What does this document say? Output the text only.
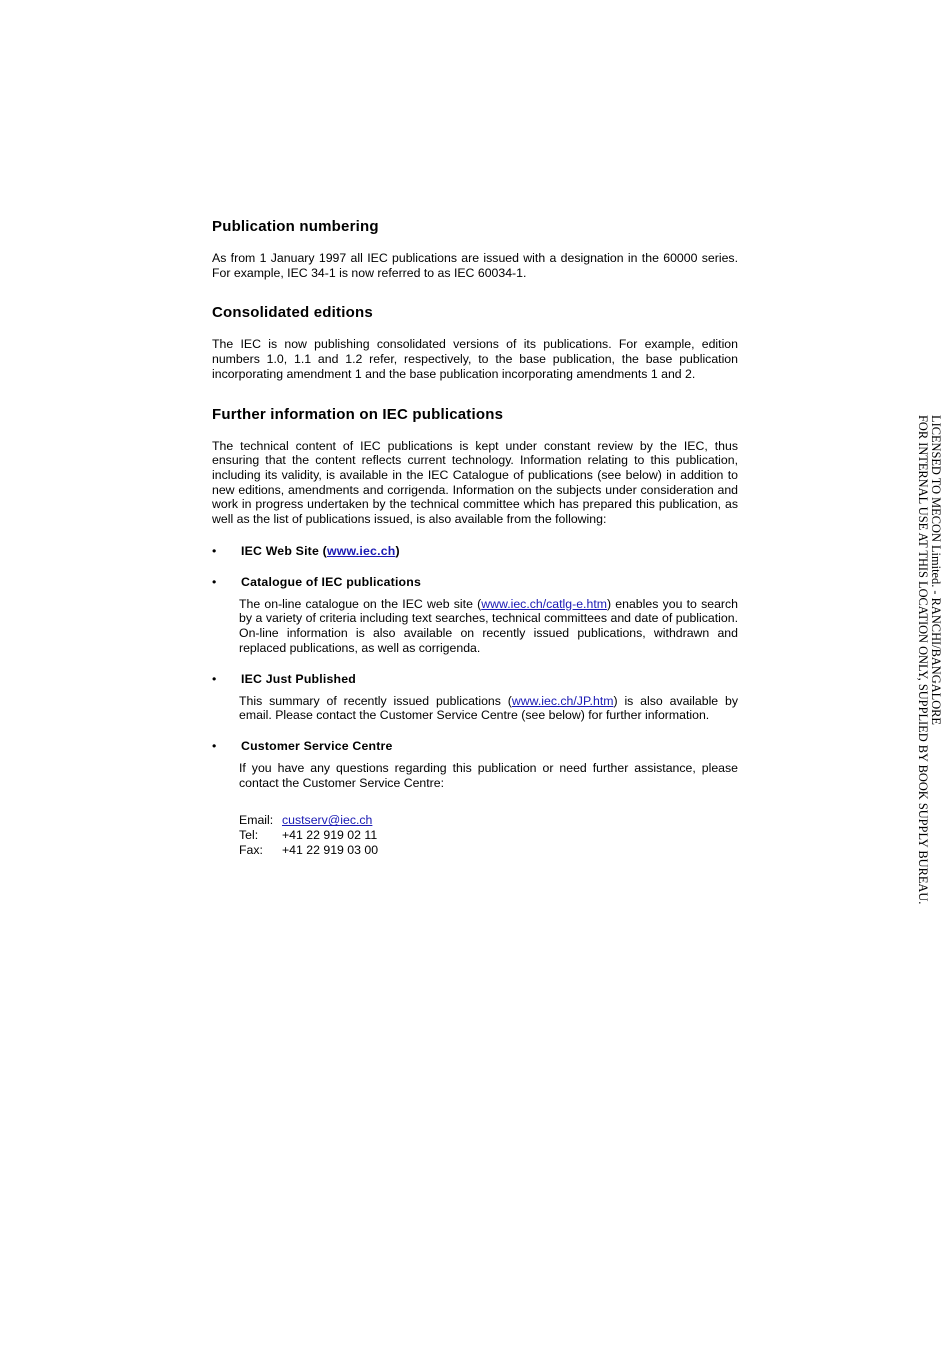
Publication numbering

As from 1 January 1997 all IEC publications are issued with a designation in the 60000 series. For example, IEC 34-1 is now referred to as IEC 60034-1.

Consolidated editions

The IEC is now publishing consolidated versions of its publications. For example, edition numbers 1.0, 1.1 and 1.2 refer, respectively, to the base publication, the base publication incorporating amendment 1 and the base publication incorporating amendments 1 and 2.

Further information on IEC publications

The technical content of IEC publications is kept under constant review by the IEC, thus ensuring that the content reflects current technology. Information relating to this publication, including its validity, is available in the IEC Catalogue of publications (see below) in addition to new editions, amendments and corrigenda. Information on the subjects under consideration and work in progress undertaken by the technical committee which has prepared this publication, as well as the list of publications issued, is also available from the following:

• IEC Web Site (www.iec.ch)
• Catalogue of IEC publications

The on-line catalogue on the IEC web site (www.iec.ch/catlg-e.htm) enables you to search by a variety of criteria including text searches, technical committees and date of publication. On-line information is also available on recently issued publications, withdrawn and replaced publications, as well as corrigenda.

• IEC Just Published

This summary of recently issued publications (www.iec.ch/JP.htm) is also available by email. Please contact the Customer Service Centre (see below) for further information.

• Customer Service Centre

If you have any questions regarding this publication or need further assistance, please contact the Customer Service Centre:

Email: custserv@iec.ch
Tel:	+41 22 919 02 11
Fax:	+41 22 919 03 00
LICENSED TO MECON Limited. - RANCHI/BANGALORE
FOR INTERNAL USE AT THIS LOCATION ONLY, SUPPLIED BY BOOK SUPPLY BUREAU.
